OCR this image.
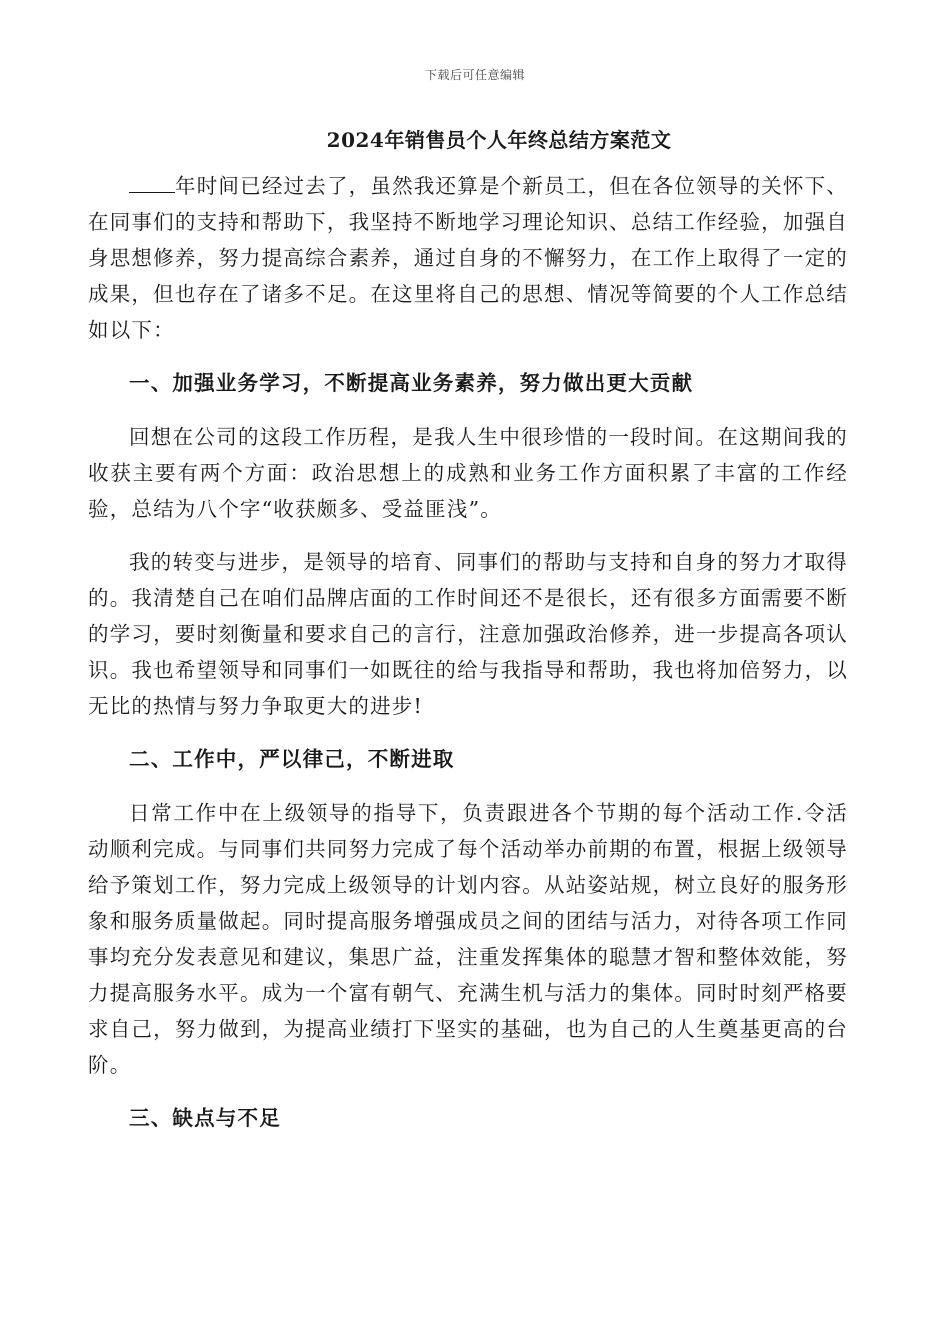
下载后可任意编辑
2024年销售员个人年终总结方案范文

年时间已经过去了，虽然我还算是个新员工，但在各位领导的关怀下、在同事们的支持和帮助下，我坚持不断地学习理论知识、总结工作经验，加强自身思想修养，努力提高综合素养，通过自身的不懈努力，在工作上取得了一定的成果，但也存在了诸多不足。在这里将自己的思想、情况等简要的个人工作总结如以下：

一、加强业务学习，不断提高业务素养，努力做出更大贡献

回想在公司的这段工作历程，是我人生中很珍惜的一段时间。在这期间我的收获主要有两个方面：政治思想上的成熟和业务工作方面积累了丰富的工作经验，总结为八个字“收获颇多、受益匪浅”。

我的转变与进步，是领导的培育、同事们的帮助与支持和自身的努力才取得的。我清楚自己在咱们品牌店面的工作时间还不是很长，还有很多方面需要不断的学习，要时刻衡量和要求自己的言行，注意加强政治修养，进一步提高各项认识。我也希望领导和同事们一如既往的给与我指导和帮助，我也将加倍努力，以无比的热情与努力争取更大的进步!

二、工作中，严以律己，不断进取

日常工作中在上级领导的指导下，负责跟进各个节期的每个活动工作.令活动顺利完成。与同事们共同努力完成了每个活动举办前期的布置，根据上级领导给予策划工作，努力完成上级领导的计划内容。从站姿站规，树立良好的服务形象和服务质量做起。同时提高服务增强成员之间的团结与活力，对待各项工作同事均充分发表意见和建议，集思广益，注重发挥集体的聪慧才智和整体效能，努力提高服务水平。成为一个富有朝气、充满生机与活力的集体。同时时刻严格要求自己，努力做到，为提高业绩打下坚实的基础，也为自己的人生奠基更高的台阶。

三、缺点与不足
